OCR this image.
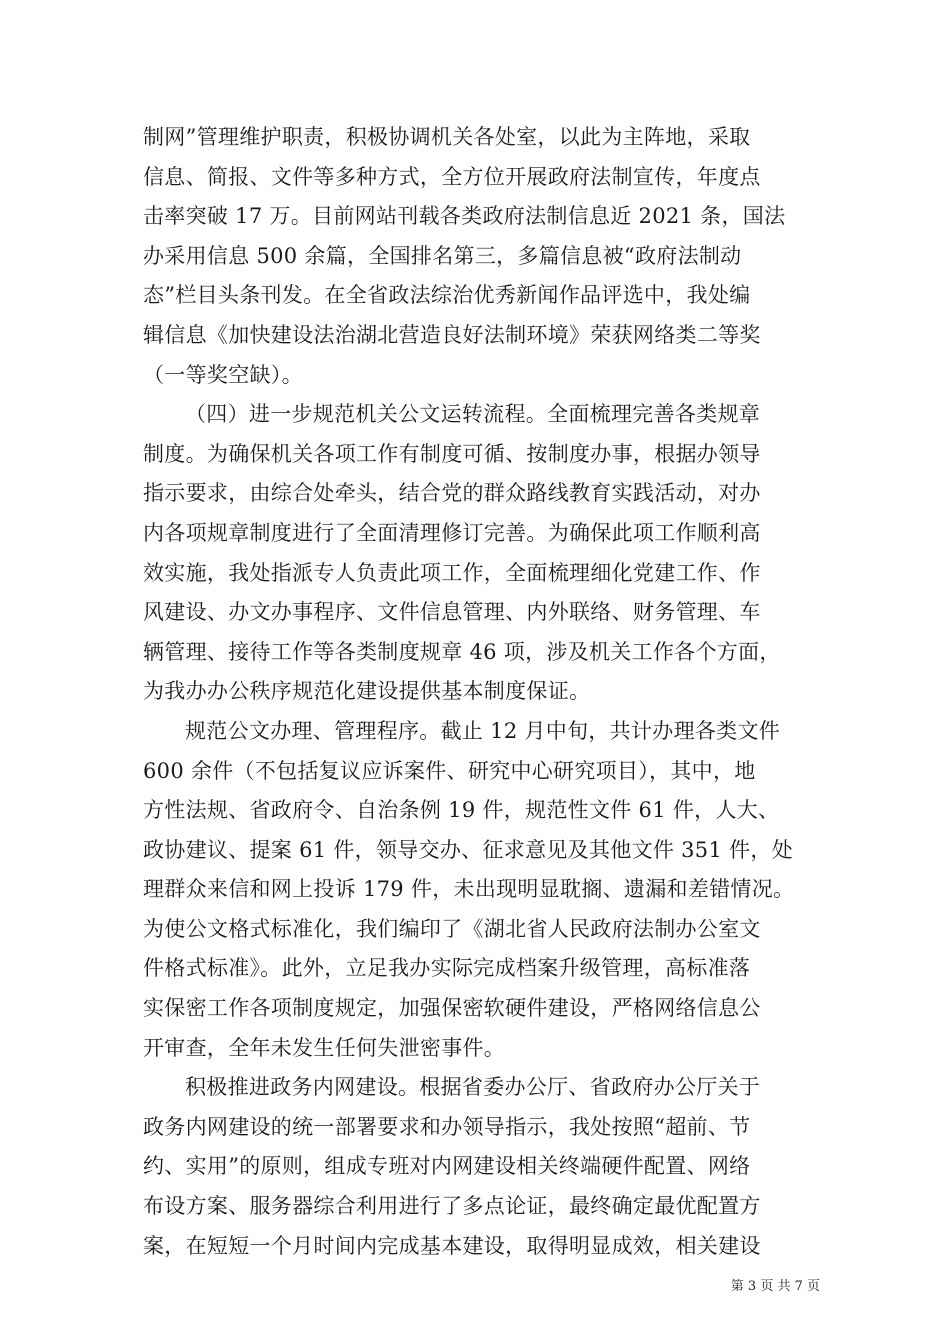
制网”管理维护职责，积极协调机关各处室，以此为主阵地，采取
信息、简报、文件等多种方式，全方位开展政府法制宣传，年度点
击率突破 17 万。目前网站刊载各类政府法制信息近 2021 条，国法
办采用信息 500 余篇，全国排名第三，多篇信息被“政府法制动
态”栏目头条刊发。在全省政法综治优秀新闻作品评选中，我处编
辑信息《加快建设法治湖北营造良好法制环境》荣获网络类二等奖
（一等奖空缺）。
（四）进一步规范机关公文运转流程。全面梳理完善各类规章
制度。为确保机关各项工作有制度可循、按制度办事，根据办领导
指示要求，由综合处牵头，结合党的群众路线教育实践活动，对办
内各项规章制度进行了全面清理修订完善。为确保此项工作顺利高
效实施，我处指派专人负责此项工作，全面梳理细化党建工作、作
风建设、办文办事程序、文件信息管理、内外联络、财务管理、车
辆管理、接待工作等各类制度规章 46 项，涉及机关工作各个方面，
为我办办公秩序规范化建设提供基本制度保证。
规范公文办理、管理程序。截止 12 月中旬，共计办理各类文件
600 余件（不包括复议应诉案件、研究中心研究项目），其中，地
方性法规、省政府令、自治条例 19 件，规范性文件 61 件，人大、
政协建议、提案 61 件，领导交办、征求意见及其他文件 351 件，处
理群众来信和网上投诉 179 件，未出现明显耽搁、遗漏和差错情况。
为使公文格式标准化，我们编印了《湖北省人民政府法制办公室文
件格式标准》。此外，立足我办实际完成档案升级管理，高标准落
实保密工作各项制度规定，加强保密软硬件建设，严格网络信息公
开审查，全年未发生任何失泄密事件。
积极推进政务内网建设。根据省委办公厅、省政府办公厅关于
政务内网建设的统一部署要求和办领导指示，我处按照“超前、节
约、实用”的原则，组成专班对内网建设相关终端硬件配置、网络
布设方案、服务器综合利用进行了多点论证，最终确定最优配置方
案，在短短一个月时间内完成基本建设，取得明显成效，相关建设
第 3 页 共 7 页
